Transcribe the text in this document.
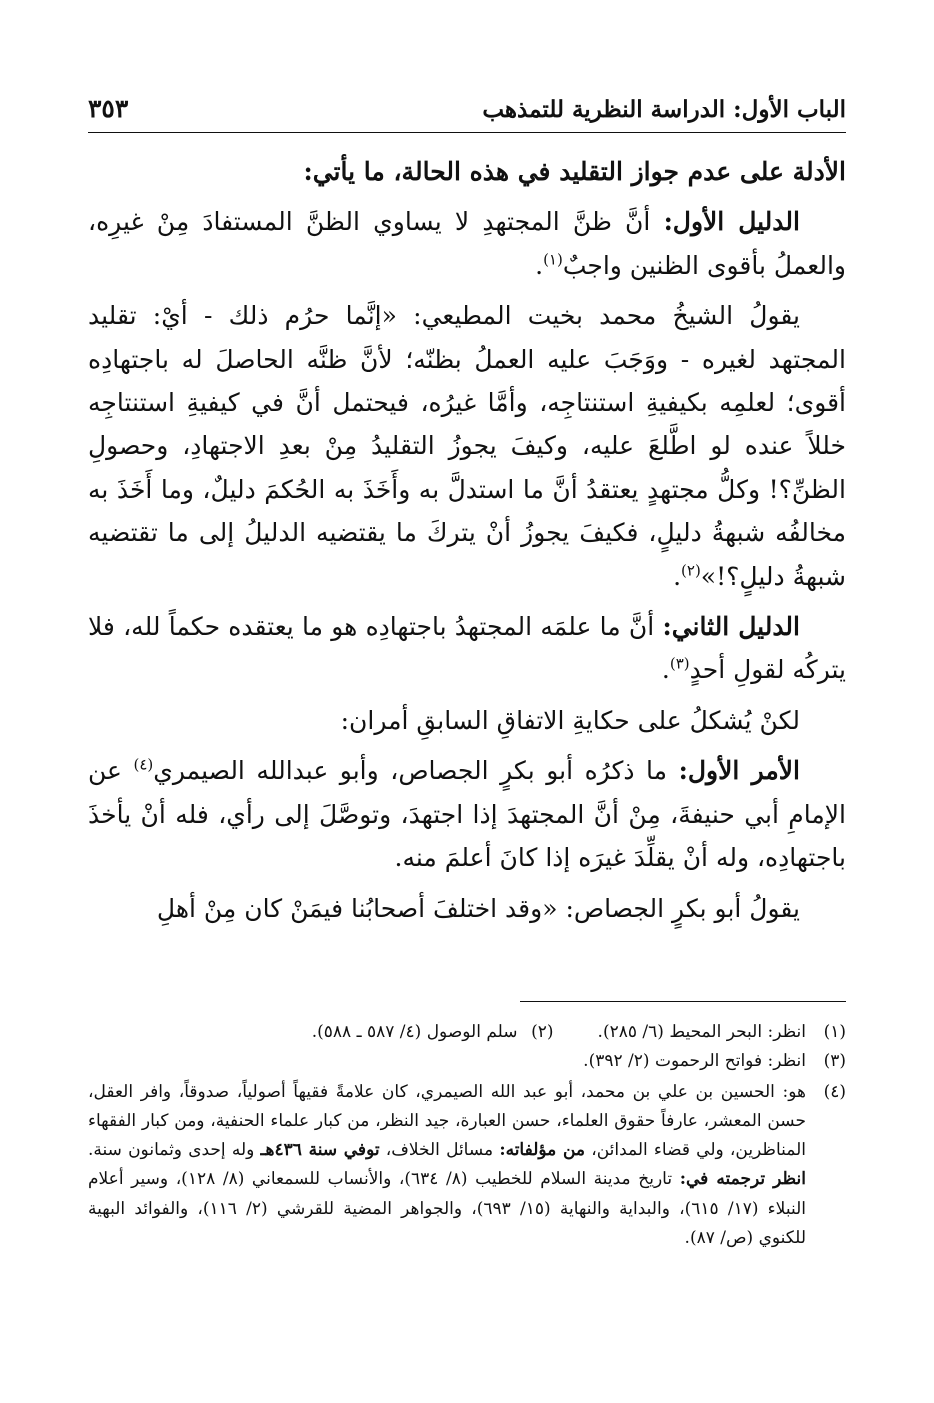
الباب الأول: الدراسة النظرية للتمذهب
٣٥٣

الأدلة على عدم جواز التقليد في هذه الحالة، ما يأتي:

الدليل الأول: أنَّ ظنَّ المجتهدِ لا يساوي الظنَّ المستفادَ مِنْ غيرِه، والعملُ بأقوى الظنين واجبٌ$^{(١)}$.

يقولُ الشيخُ محمد بخيت المطيعي: «إنَّما حرُم ذلك - أيْ: تقليد المجتهد لغيره - ووَجَبَ عليه العملُ بظنّه؛ لأنَّ ظنَّه الحاصلَ له باجتهادِه أقوى؛ لعلمِه بكيفيةِ استنتاجِه، وأمَّا غيرُه، فيحتمل أنَّ في كيفيةِ استنتاجِه خللاً عنده لو اطَّلعَ عليه، وكيفَ يجوزُ التقليدُ مِنْ بعدِ الاجتهادِ، وحصولِ الظنِّ؟! وكلُّ مجتهدٍ يعتقدُ أنَّ ما استدلَّ به وأَخَذَ به الحُكمَ دليلٌ، وما أَخَذَ به مخالفُه شبهةُ دليلٍ، فكيفَ يجوزُ أنْ يتركَ ما يقتضيه الدليلُ إلى ما تقتضيه شبهةُ دليلٍ؟!»$^{(٢)}$.

الدليل الثاني: أنَّ ما علمَه المجتهدُ باجتهادِه هو ما يعتقده حكماً لله، فلا يتركُه لقولِ أحدٍ$^{(٣)}$.

لكنْ يُشكلُ على حكايةِ الاتفاقِ السابقِ أمران:

الأمر الأول: ما ذكرُه أبو بكرٍ الجصاص، وأبو عبدالله الصيمري$^{(٤)}$ عن الإمامِ أبي حنيفةَ، مِنْ أنَّ المجتهدَ إذا اجتهدَ، وتوصَّلَ إلى رأي، فله أنْ يأخذَ باجتهادِه، وله أنْ يقلِّدَ غيرَه إذا كانَ أعلمَ منه.

يقولُ أبو بكرٍ الجصاص: «وقد اختلفَ أصحابُنا فيمَنْ كان مِنْ أهلِ

(١)
انظر: البحر المحيط (٦/ ٢٨٥).
(٢)
سلم الوصول (٤/ ٥٨٧ ـ ٥٨٨).
(٣)
انظر: فواتح الرحموت (٢/ ٣٩٢).
(٤)
هو: الحسين بن علي بن محمد، أبو عبد الله الصيمري، كان علامةً فقيهاً أصولياً، صدوقاً، وافر العقل، حسن المعشر، عارفاً حقوق العلماء، حسن العبارة، جيد النظر، من كبار علماء الحنفية، ومن كبار الفقهاء المناظرين، ولي قضاء المدائن، من مؤلفاته: مسائل الخلاف، توفي سنة ٤٣٦هـ وله إحدى وثمانون سنة. انظر ترجمته في: تاريخ مدينة السلام للخطيب (٨/ ٦٣٤)، والأنساب للسمعاني (٨/ ١٢٨)، وسير أعلام النبلاء (١٧/ ٦١٥)، والبداية والنهاية (١٥/ ٦٩٣)، والجواهر المضية للقرشي (٢/ ١١٦)، والفوائد البهية للكنوي (ص/ ٨٧).
